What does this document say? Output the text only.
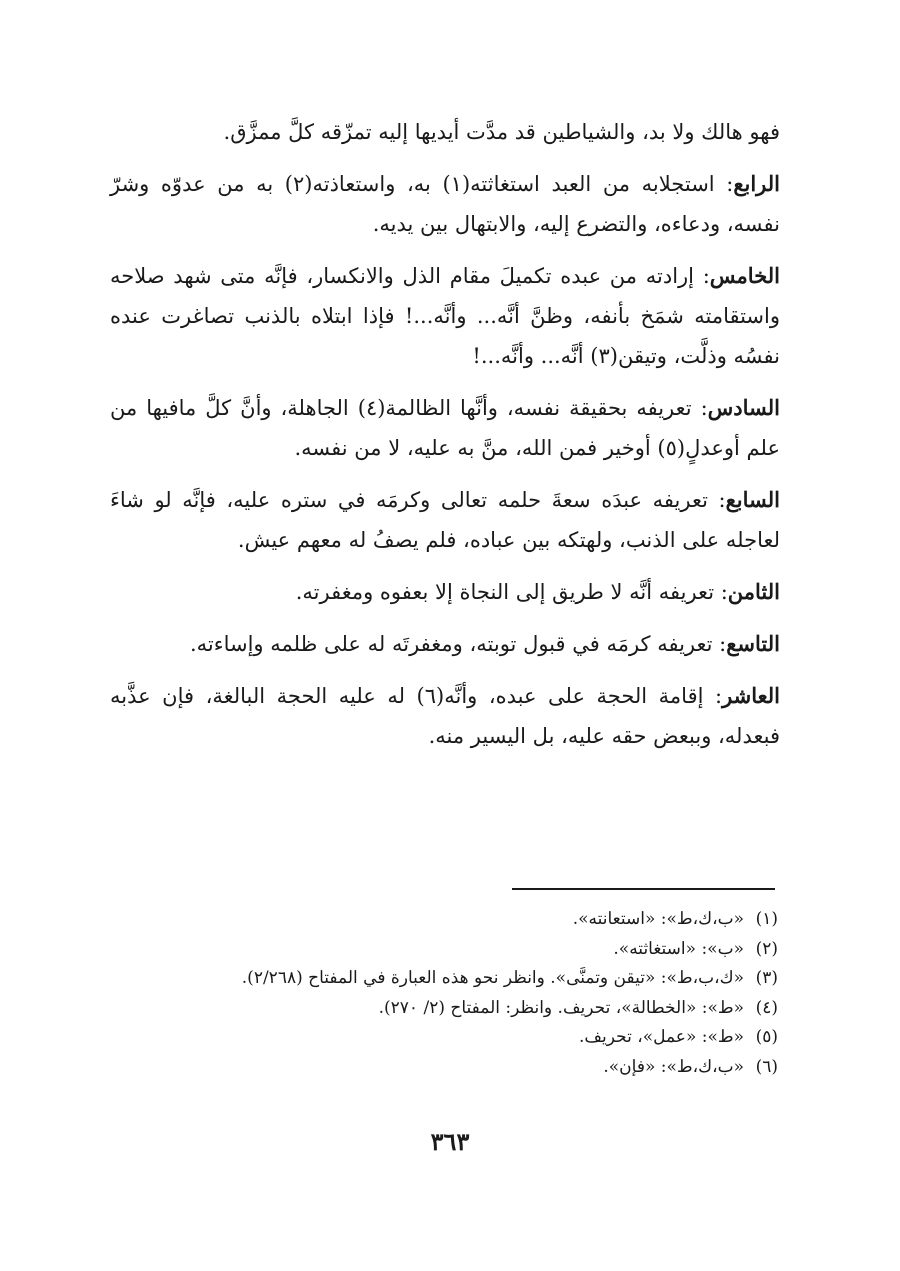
فهو هالك ولا بد، والشياطين قد مدَّت أيديها إليه تمزّقه كلَّ ممزَّق.

الرابع: استجلابه من العبد استغاثته(١) به، واستعاذته(٢) به من عدوّه وشرّ نفسه، ودعاءه، والتضرع إليه، والابتهال بين يديه.

الخامس: إرادته من عبده تكميلَ مقام الذل والانكسار، فإنَّه متى شهد صلاحه واستقامته شمَخ بأنفه، وظنَّ أنَّه... وأنَّه...! فإذا ابتلاه بالذنب تصاغرت عنده نفسُه وذلَّت، وتيقن(٣) أنَّه... وأنَّه...!

السادس: تعريفه بحقيقة نفسه، وأنَّها الظالمة(٤) الجاهلة، وأنَّ كلَّ مافيها من علم أوعدلٍ(٥) أوخير فمن الله، منَّ به عليه، لا من نفسه.

السابع: تعريفه عبدَه سعةَ حلمه تعالى وكرمَه في ستره عليه، فإنَّه لو شاءَ لعاجله على الذنب، ولهتكه بين عباده، فلم يصفُ له معهم عيش.

الثامن: تعريفه أنَّه لا طريق إلى النجاة إلا بعفوه ومغفرته.

التاسع: تعريفه كرمَه في قبول توبته، ومغفرتَه له على ظلمه وإساءته.

العاشر: إقامة الحجة على عبده، وأنَّه(٦) له عليه الحجة البالغة، فإن عذَّبه فبعدله، وببعض حقه عليه، بل اليسير منه.

(١)«ب،ك،ط»: «استعانته».
(٢)«ب»: «استغاثته».
(٣)«ك،ب،ط»: «تيقن وتمنَّى». وانظر نحو هذه العبارة في المفتاح (٢/٢٦٨).
(٤)«ط»: «الخطالة»، تحريف. وانظر: المفتاح (٢/ ٢٧٠).
(٥)«ط»: «عمل»، تحريف.
(٦)«ب،ك،ط»: «فإن».
٣٦٣
